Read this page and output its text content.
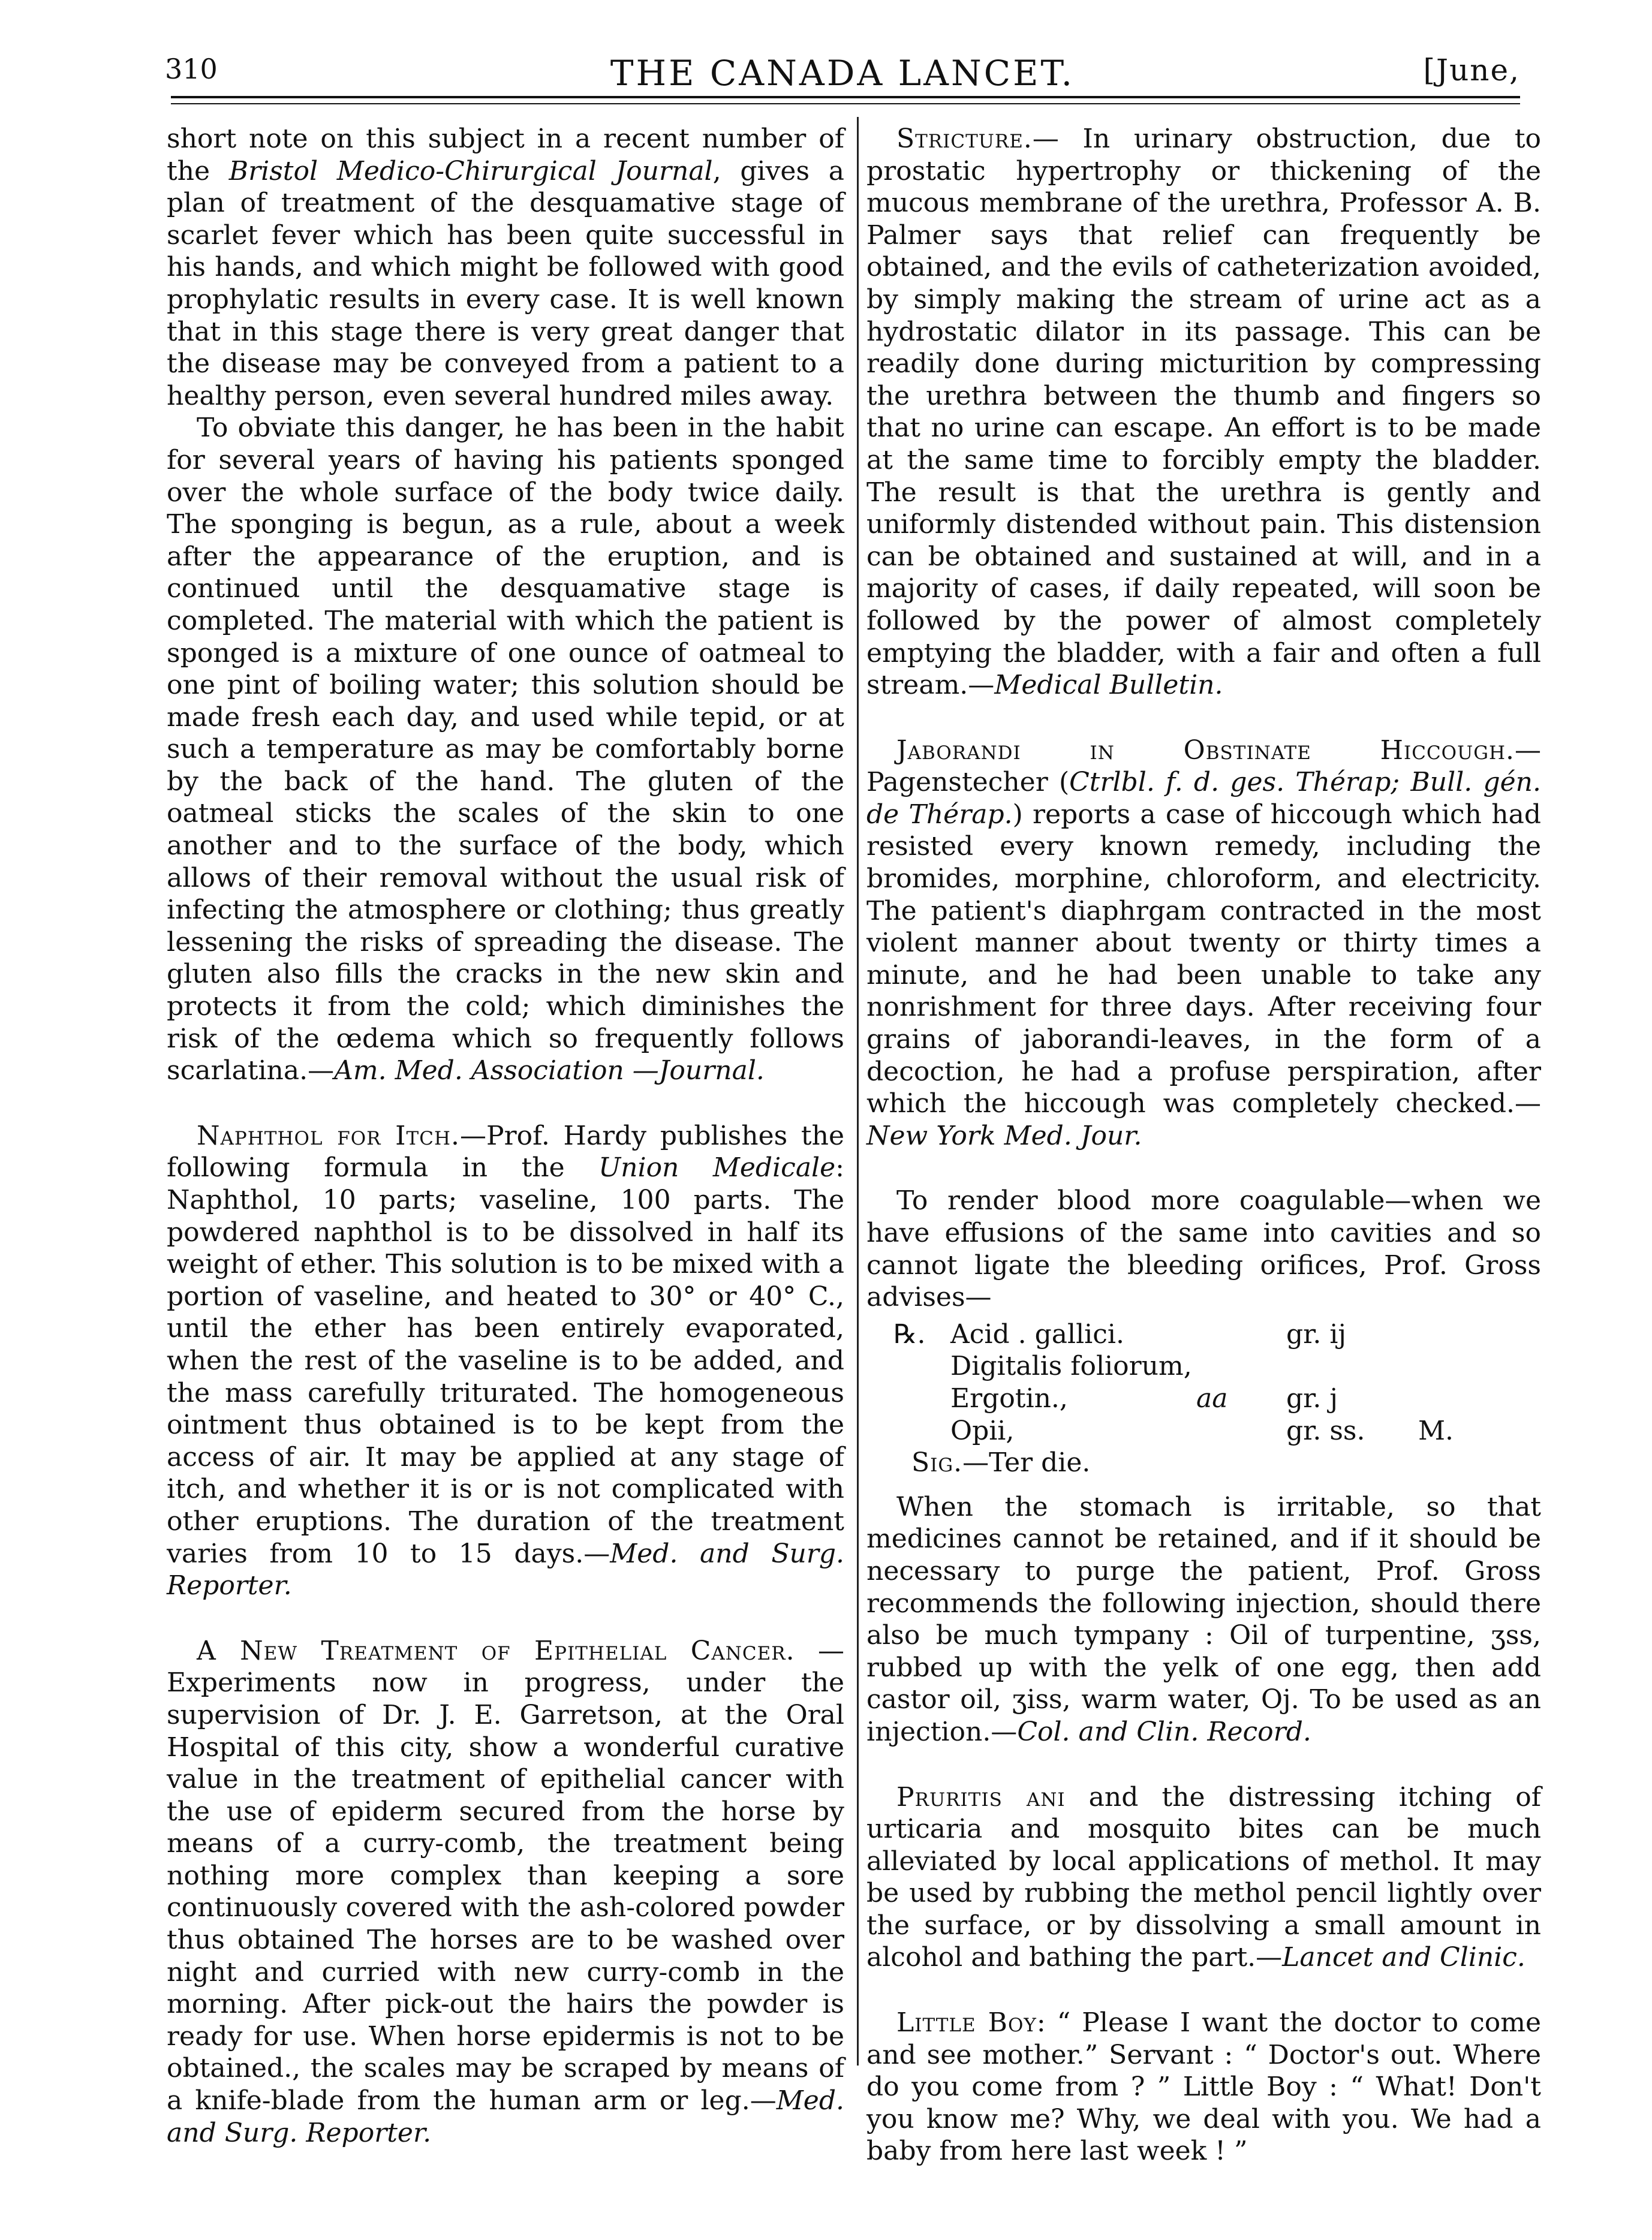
310	THE CANADA LANCET.	[June,

short note on this subject in a recent number of the Bristol Medico-Chirurgical Journal, gives a plan of treatment of the desquamative stage of scarlet fever which has been quite successful in his hands, and which might be followed with good prophylatic results in every case. It is well known that in this stage there is very great danger that the disease may be conveyed from a patient to a healthy person, even several hundred miles away.

To obviate this danger, he has been in the habit for several years of having his patients sponged over the whole surface of the body twice daily. The sponging is begun, as a rule, about a week after the appearance of the eruption, and is continued until the desquamative stage is completed. The material with which the patient is sponged is a mixture of one ounce of oatmeal to one pint of boiling water; this solution should be made fresh each day, and used while tepid, or at such a temperature as may be comfortably borne by the back of the hand. The gluten of the oatmeal sticks the scales of the skin to one another and to the surface of the body, which allows of their removal without the usual risk of infecting the atmosphere or clothing; thus greatly lessening the risks of spreading the disease. The gluten also fills the cracks in the new skin and protects it from the cold; which diminishes the risk of the œdema which so frequently follows scarlatina.—Am. Med. Association —Journal.

Naphthol for Itch.—Prof. Hardy publishes the following formula in the Union Medicale: Naphthol, 10 parts; vaseline, 100 parts. The powdered naphthol is to be dissolved in half its weight of ether. This solution is to be mixed with a portion of vaseline, and heated to 30° or 40° C., until the ether has been entirely evaporated, when the rest of the vaseline is to be added, and the mass carefully triturated. The homogeneous ointment thus obtained is to be kept from the access of air. It may be applied at any stage of itch, and whether it is or is not complicated with other eruptions. The duration of the treatment varies from 10 to 15 days.—Med. and Surg. Reporter.

A New Treatment of Epithelial Cancer. —Experiments now in progress, under the supervision of Dr. J. E. Garretson, at the Oral Hospital of this city, show a wonderful curative value in the treatment of epithelial cancer with the use of epiderm secured from the horse by means of a curry-comb, the treatment being nothing more complex than keeping a sore continuously covered with the ash-colored powder thus obtained The horses are to be washed over night and curried with new curry-comb in the morning. After pick-out the hairs the powder is ready for use. When horse epidermis is not to be obtained., the scales may be scraped by means of a knife-blade from the human arm or leg.—Med. and Surg. Reporter.

Stricture.— In urinary obstruction, due to prostatic hypertrophy or thickening of the mucous membrane of the urethra, Professor A. B. Palmer says that relief can frequently be obtained, and the evils of catheterization avoided, by simply making the stream of urine act as a hydrostatic dilator in its passage. This can be readily done during micturition by compressing the urethra between the thumb and fingers so that no urine can escape. An effort is to be made at the same time to forcibly empty the bladder. The result is that the urethra is gently and uniformly distended without pain. This distension can be obtained and sustained at will, and in a majority of cases, if daily repeated, will soon be followed by the power of almost completely emptying the bladder, with a fair and often a full stream.—Medical Bulletin.

Jaborandi in Obstinate Hiccough.—Pagenstecher (Ctrlbl. f. d. ges. Thérap; Bull. gén. de Thérap.) reports a case of hiccough which had resisted every known remedy, including the bromides, morphine, chloroform, and electricity. The patient's diaphrgam contracted in the most violent manner about twenty or thirty times a minute, and he had been unable to take any nonrishment for three days. After receiving four grains of jaborandi-leaves, in the form of a decoction, he had a profuse perspiration, after which the hiccough was completely checked.—New York Med. Jour.

To render blood more coagulable—when we have effusions of the same into cavities and so cannot ligate the bleeding orifices, Prof. Gross advises—

℞. Acid . gallici.	gr. ij
Digitalis foliorum,
Ergotin.,	aa	gr. j
Opii,	gr. ss.	M.
Sig.—Ter die.

When the stomach is irritable, so that medicines cannot be retained, and if it should be necessary to purge the patient, Prof. Gross recommends the following injection, should there also be much tympany : Oil of turpentine, ʒss, rubbed up with the yelk of one egg, then add castor oil, ʒiss, warm water, Oj. To be used as an injection.—Col. and Clin. Record.

Pruritis ani and the distressing itching of urticaria and mosquito bites can be much alleviated by local applications of methol. It may be used by rubbing the methol pencil lightly over the surface, or by dissolving a small amount in alcohol and bathing the part.—Lancet and Clinic.

Little Boy: “ Please I want the doctor to come and see mother.” Servant : “ Doctor's out. Where do you come from ? ” Little Boy : “ What! Don't you know me? Why, we deal with you. We had a baby from here last week ! ”
